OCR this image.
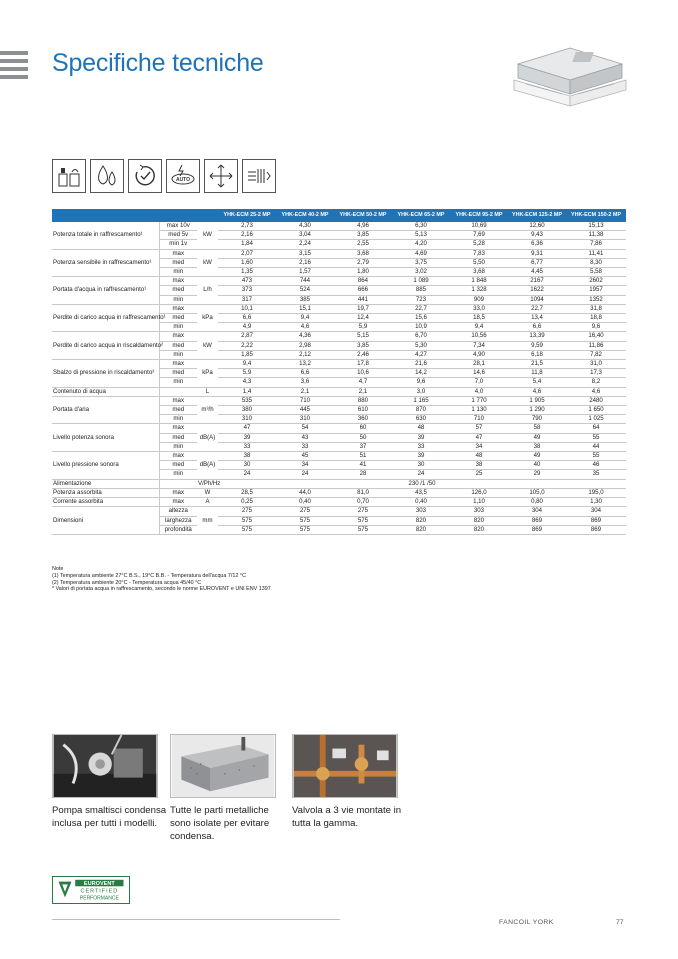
Specifiche tecniche
AUTO
			YHK-ECM 25-2 MP	YHK-ECM 40-2 MP	YHK-ECM 50-2 MP	YHK-ECM 65-2 MP	YHK-ECM 95-2 MP	YHK-ECM 125-2 MP	YHK-ECM 150-2 MP
Potenza totale in raffrescamento¹	max 10v	kW	2,73	4,30	4,96	6,30	10,69	12,60	15,13
	med 5v		2,16	3,04	3,85	5,13	7,69	9,43	11,38
	min 1v		1,84	2,24	2,55	4,20	5,28	6,36	7,86
Potenza sensibile in raffrescamento¹	max	kW	2,07	3,15	3,68	4,69	7,83	9,31	11,41
	med		1,60	2,16	2,79	3,75	5,50	6,77	8,30
	min		1,35	1,57	1,80	3,02	3,68	4,45	5,58
Portata d'acqua in raffrescamento¹	max	L/h	473	744	864	1 089	1 848	2167	2602
	med		373	524	666	885	1 328	1622	1957
	min		317	385	441	723	909	1094	1352
Perdite di carico acqua in raffrescamento¹	max	kPa	10,1	15,1	19,7	22,7	33,0	22,7	31,8
	med		6,6	9,4	12,4	15,6	18,5	13,4	18,8
	min		4,9	4,6	5,9	10,9	9,4	6,6	9,6
Perdite di carico acqua in riscaldamento²	max	kW	2,87	4,36	5,15	6,70	10,56	13,39	16,40
	med		2,22	2,98	3,85	5,30	7,34	9,59	11,86
	min		1,85	2,12	2,46	4,27	4,90	6,18	7,82
Sbalzo di pressione in riscaldamento²	max	kPa	9,4	13,2	17,8	21,6	28,1	21,5	31,0
	med		5,9	6,6	10,6	14,2	14,6	11,8	17,3
	min		4,3	3,6	4,7	9,6	7,0	5,4	8,2
Contenuto di acqua		L	1,4	2,1	2,1	3,0	4,0	4,6	4,6
Portata d'aria	max	m³/h	535	710	880	1 165	1 770	1 905	2480
	med		380	445	610	870	1 130	1 290	1 650
	min		310	310	360	630	710	790	1 025
Livello potenza sonora	max	dB(A)	47	54	60	48	57	58	64
	med		39	43	50	39	47	49	55
	min		33	33	37	33	34	38	44
Livello pressione sonora	max	dB(A)	38	45	51	39	48	49	55
	med		30	34	41	30	38	40	46
	min		24	24	28	24	25	29	35
Alimentazione		V/Ph/Hz	230 /1 /50						
Potenza assorbita	max	W	28,5	44,0	81,0	43,5	126,0	105,0	195,0
Corrente assorbita	max	A	0,25	0,40	0,70	0,40	1,10	0,80	1,30
Dimensioni	altezza	mm	275	275	275	303	303	304	304
	larghezza		575	575	575	820	820	869	869
	profondità		575	575	575	820	820	869	869
Note
(1) Temperatura ambiente 27°C B.S., 19°C B.B. - Temperatura dell'acqua 7/12 °C
(2) Temperatura ambiente 20°C - Temperatura acqua 45/40 °C
* Valori di portata acqua in raffrescamento, secondo le norme EUROVENT e UNI ENV 1397
Pompa smaltisci condensa inclusa per tutti i modelli.
Tutte le parti metalliche sono isolate per evitare condensa.
Valvola a 3 vie montate in tutta la gamma.
EUROVENT
CERTIFIED
PERFORMANCE
FANCOIL YORK	77
